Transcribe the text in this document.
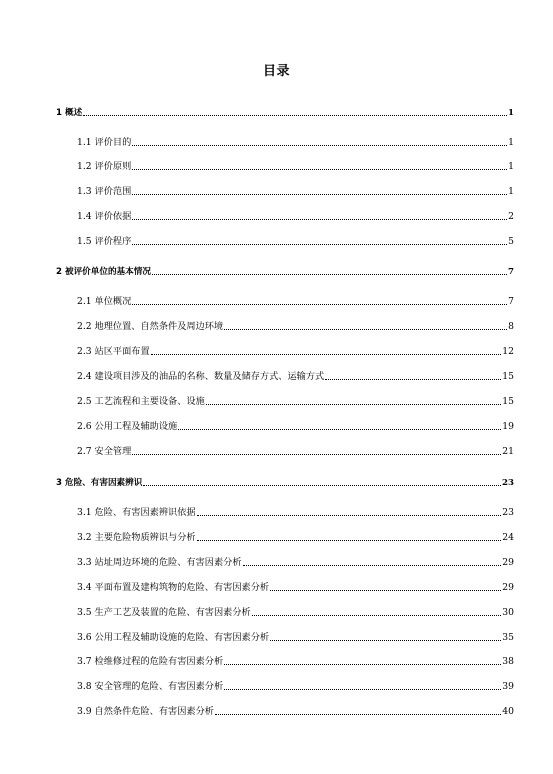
目录
1 概述	1
1.1 评价目的	1
1.2 评价原则	1
1.3 评价范围	1
1.4 评价依据	2
1.5 评价程序	5
2 被评价单位的基本情况	7
2.1 单位概况	7
2.2 地理位置、自然条件及周边环境	8
2.3 站区平面布置	12
2.4 建设项目涉及的油品的名称、数量及储存方式、运输方式	15
2.5 工艺流程和主要设备、设施	15
2.6 公用工程及辅助设施	19
2.7 安全管理	21
3 危险、有害因素辨识	23
3.1 危险、有害因素辨识依据	23
3.2 主要危险物质辨识与分析	24
3.3 站址周边环境的危险、有害因素分析	29
3.4 平面布置及建构筑物的危险、有害因素分析	29
3.5 生产工艺及装置的危险、有害因素分析	30
3.6 公用工程及辅助设施的危险、有害因素分析	35
3.7 检维修过程的危险有害因素分析	38
3.8 安全管理的危险、有害因素分析	39
3.9 自然条件危险、有害因素分析	40
